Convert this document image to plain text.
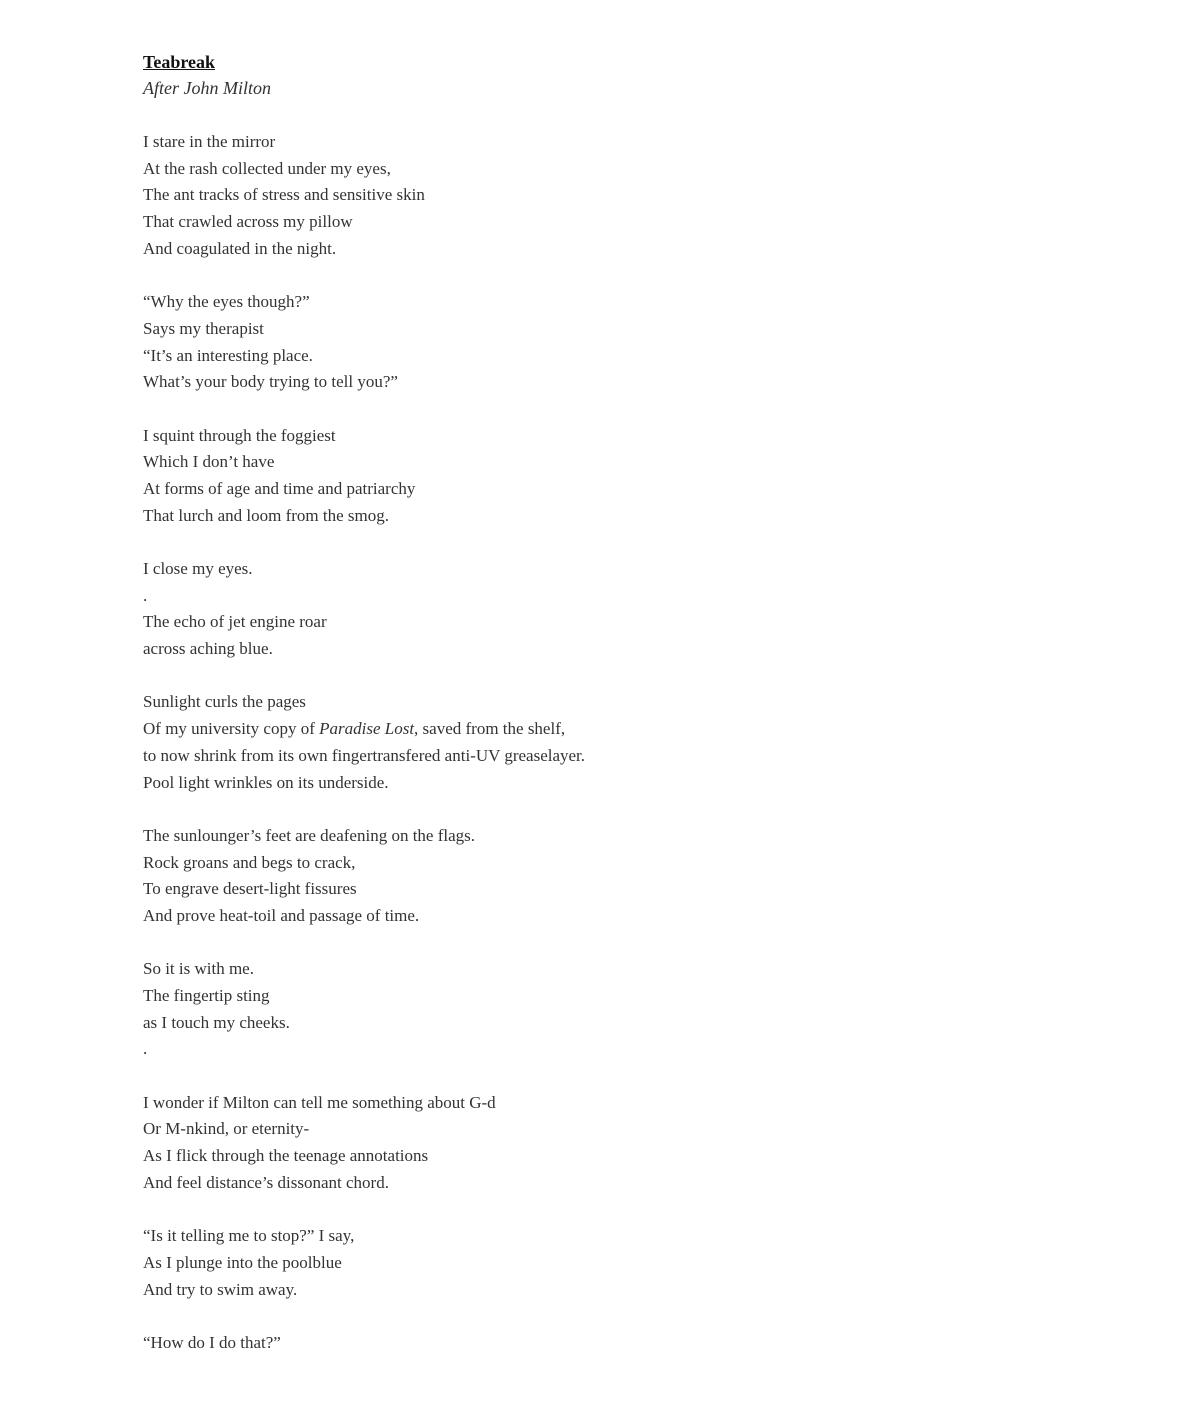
Teabreak
After John Milton
I stare in the mirror
At the rash collected under my eyes,
The ant tracks of stress and sensitive skin
That crawled across my pillow
And coagulated in the night.
“Why the eyes though?”
Says my therapist
“It’s an interesting place.
What’s your body trying to tell you?”
I squint through the foggiest
Which I don’t have
At forms of age and time and patriarchy
That lurch and loom from the smog.
I close my eyes.
.
The echo of jet engine roar
across aching blue.
Sunlight curls the pages
Of my university copy of Paradise Lost, saved from the shelf,
to now shrink from its own fingertransfered anti-UV greaselayer.
Pool light wrinkles on its underside.
The sunlounger’s feet are deafening on the flags.
Rock groans and begs to crack,
To engrave desert-light fissures
And prove heat-toil and passage of time.
So it is with me.
The fingertip sting
as I touch my cheeks.
.
I wonder if Milton can tell me something about G-d
Or M-nkind, or eternity-
As I flick through the teenage annotations
And feel distance’s dissonant chord.
“Is it telling me to stop?” I say,
As I plunge into the poolblue
And try to swim away.
“How do I do that?”
